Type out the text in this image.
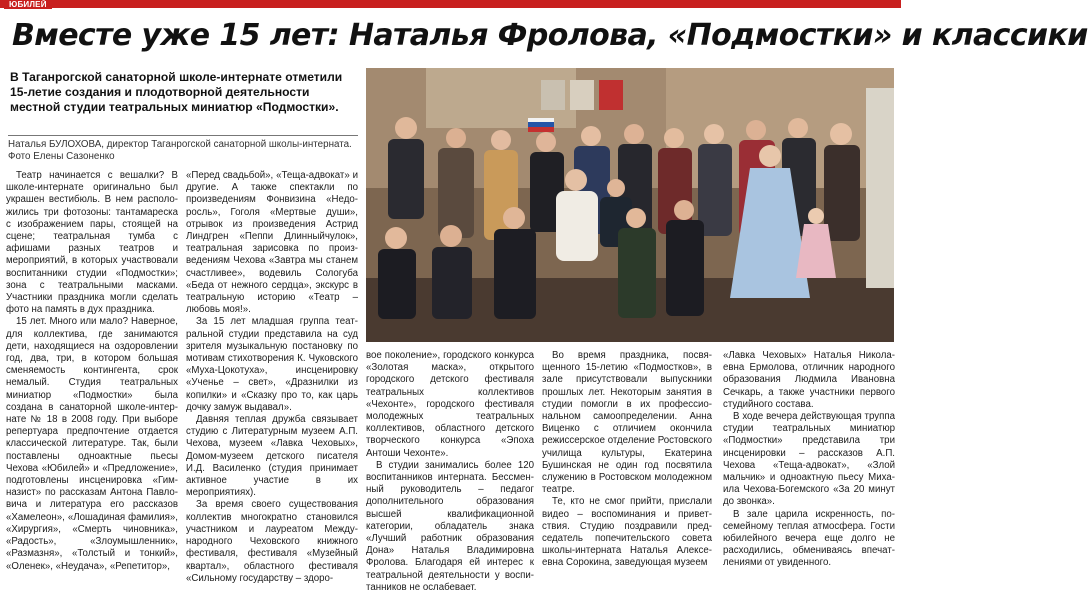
ЮБИЛЕЙ
Вместе уже 15 лет: Наталья Фролова, «Подмостки» и классики
В Таганрогской санаторной школе-интернате отметили 15-летие создания и плодотворной деятельности местной студии театральных миниатюр «Подмостки».
Наталья БУЛОХОВА, директор Таганрогской санаторной школы-интерната.
Фото Елены Сазоненко

Театр начинается с вешалки? В школе-интернате оригинально был украшен вестибюль. В нем расположились три фотозоны: тантамареска с изображением пары, стоящей на сцене; театральная тумба с афишами разных театров и мероприятий, в которых участвовали воспитанники студии «Подмостки»; зона с театральными масками. Участники праздника могли сделать фото на память в дух праздника.

15 лет. Много или мало? Наверное, для коллектива, где занимаются дети, находящиеся на оздоровлении год, два, три, в котором большая сменяемость контингента, срок немалый. Студия театральных миниатюр «Подмостки» была создана в санаторной школе-интернате № 18 в 2008 году. При выборе репертуара предпочтение отдается классической литературе. Так, были поставлены одноактные пьесы Чехова «Юбилей» и «Предложение», подготовлены инсценировка «Гимназист» по рассказам Антона Павловича и литература его рассказов «Хамелеон», «Лошадиная фамилия», «Хирургия», «Смерть чиновника», «Радость», «Злоумышленник», «Размазня», «Толстый и тонкий», «Оленек», «Неудача», «Репетитор»,

«Перед свадьбой», «Теща-адвокат» и другие. А также спектакли по произведениям Фонвизина «Недоросль», Гоголя «Мертвые души», отрывок из произведения Астрид Линдгрен «Пеппи Длинныйчулок», театральная зарисовка по произведениям Чехова «Завтра мы станем счастливее», водевиль Сологуба «Беда от нежного сердца», экскурс в театральную историю «Театр – любовь моя!».

За 15 лет младшая группа театральной студии представила на суд зрителя музыкальную постановку по мотивам стихотворения К. Чуковского «Муха-Цокотуха», инсценировку «Ученье – свет», «Дразнилки из копилки» и «Сказку про то, как царь дочку замуж выдавал».

Давняя теплая дружба связывает студию с Литературным музеем А.П. Чехова, музеем «Лавка Чеховых», Домом-музеем детского писателя И.Д. Василенко (студия принимает активное участие в их мероприятиях).

За время своего существования коллектив многократно становился участником и лауреатом Международного Чеховского книжного фестиваля, фестиваля «Музейный квартал», областного фестиваля «Сильному государству – здоро-

вое поколение», городского конкурса «Золотая маска», открытого городского детского фестиваля театральных коллективов «Чехонте», городского фестиваля молодежных театральных коллективов, областного детского творческого конкурса «Эпоха Антоши Чехонте».

В студии занимались более 120 воспитанников интерната. Бессменный руководитель – педагог дополнительного образования высшей квалификационной категории, обладатель знака «Лучший работник образования Дона» Наталья Владимировна Фролова. Благодаря ей интерес к театральной деятельности у воспитанников не ослабевает.

Во время праздника, посвященного 15-летию «Подмостков», в зале присутствовали выпускники прошлых лет. Некоторым занятия в студии помогли в их профессиональном самоопределении. Анна Виценко с отличием окончила режиссерское отделение Ростовского училища культуры, Екатерина Бушинская не один год посвятила служению в Ростовском молодежном театре.

Те, кто не смог прийти, прислали видео – воспоминания и приветствия. Студию поздравили председатель попечительского совета школы-интерната Наталья Алексеевна Сорокина, заведующая музеем

«Лавка Чеховых» Наталья Николаевна Ермолова, отличник народного образования Людмила Ивановна Сечкарь, а также участники первого студийного состава.

В ходе вечера действующая труппа студии театральных миниатюр «Подмостки» представила три инсценировки – рассказов А.П. Чехова «Теща-адвокат», «Злой мальчик» и одноактную пьесу Михаила Чехова-Богемского «За 20 минут до звонка».

В зале царила искренность, посемейному теплая атмосфера. Гости юбилейного вечера еще долго не расходились, обмениваясь впечатлениями от увиденного.
